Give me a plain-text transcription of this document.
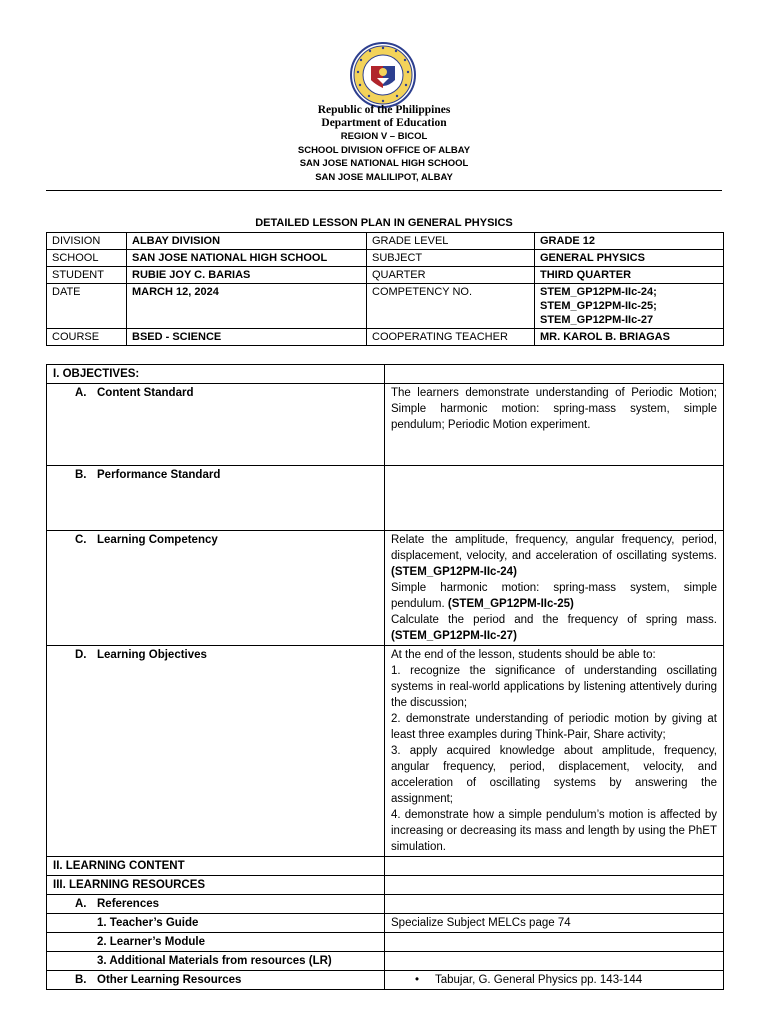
Republic of the Philippines
Department of Education
REGION V – BICOL
SCHOOL DIVISION OFFICE OF ALBAY
SAN JOSE NATIONAL HIGH SCHOOL
SAN JOSE MALILIPOT, ALBAY
DETAILED LESSON PLAN IN GENERAL PHYSICS
DIVISION	ALBAY DIVISION	GRADE LEVEL	GRADE 12
SCHOOL	SAN JOSE NATIONAL HIGH SCHOOL	SUBJECT	GENERAL PHYSICS
STUDENT	RUBIE JOY C. BARIAS	QUARTER	THIRD QUARTER
DATE	MARCH 12, 2024	COMPETENCY NO.	STEM_GP12PM-IIc-24;
STEM_GP12PM-IIc-25;
STEM_GP12PM-IIc-27

COURSE	BSED - SCIENCE	COOPERATING TEACHER	MR. KAROL B. BRIAGAS
I. OBJECTIVES:	
A. Content Standard	The learners demonstrate understanding of Periodic Motion; Simple harmonic motion: spring-mass system, simple pendulum; Periodic Motion experiment.
B. Performance Standard	
C. Learning Competency	Relate the amplitude, frequency, angular frequency, period, displacement, velocity, and acceleration of oscillating systems. (STEM_GP12PM-IIc-24)

Simple harmonic motion: spring-mass system, simple pendulum. (STEM_GP12PM-IIc-25)

Calculate the period and the frequency of spring mass. (STEM_GP12PM-IIc-27)

D. Learning Objectives	At the end of the lesson, students should be able to:

1. recognize the significance of understanding oscillating systems in real-world applications by listening attentively during the discussion;

2. demonstrate understanding of periodic motion by giving at least three examples during Think-Pair, Share activity;

3. apply acquired knowledge about amplitude, frequency, angular frequency, period, displacement, velocity, and acceleration of oscillating systems by answering the assignment;

4. demonstrate how a simple pendulum’s motion is affected by increasing or decreasing its mass and length by using the PhET simulation.

II. LEARNING CONTENT	
III. LEARNING RESOURCES	
A. References	
1. Teacher’s Guide	Specialize Subject MELCs page 74
2. Learner’s Module	
3. Additional Materials from resources (LR)	
B. Other Learning Resources	• Tabujar, G. General Physics pp. 143-144
